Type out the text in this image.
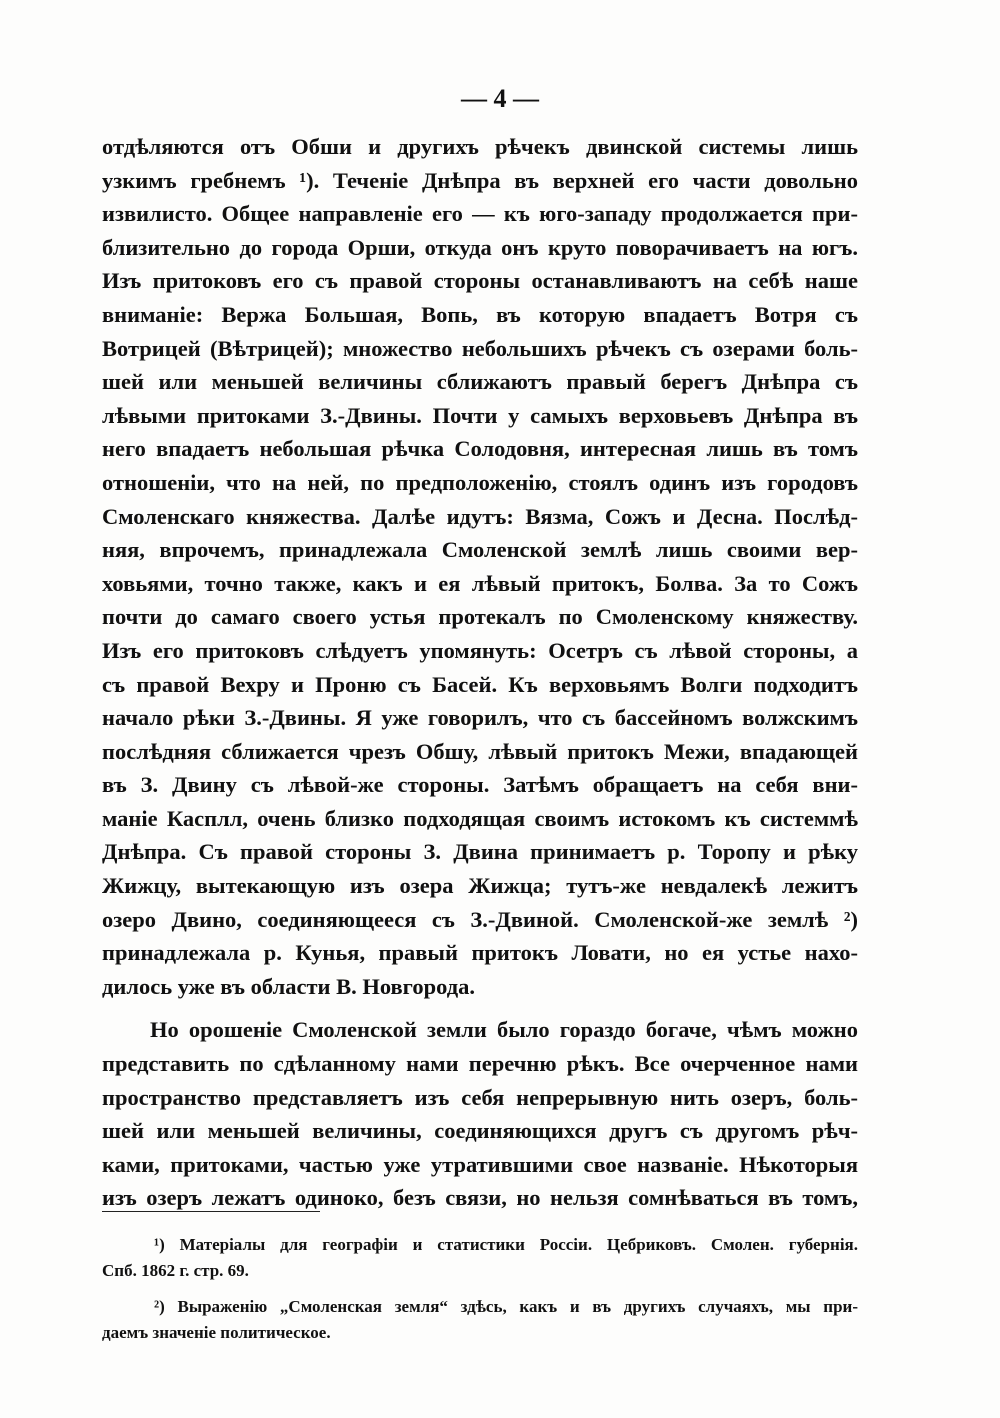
— 4 —
отдѣляются отъ Обши и другихъ рѣчекъ двинской системы лишь
узкимъ гребнемъ ¹). Теченіе Днѣпра въ верхней его части довольно
извилисто. Общее направленіе его — къ юго-западу продолжается при-
близительно до города Орши, откуда онъ круто поворачиваетъ на югъ.
Изъ притоковъ его съ правой стороны останавливаютъ на себѣ наше
вниманіе: Вержа Большая, Вопь, въ которую впадаетъ Вотря съ
Вотрицей (Вѣтрицей); множество небольшихъ рѣчекъ съ озерами боль-
шей или меньшей величины сближаютъ правый берегъ Днѣпра съ
лѣвыми притоками З.-Двины. Почти у самыхъ верховьевъ Днѣпра въ
него впадаетъ небольшая рѣчка Солодовня, интересная лишь въ томъ
отношеніи, что на ней, по предположенію, стоялъ одинъ изъ городовъ
Смоленскаго княжества. Далѣе идутъ: Вязма, Сожъ и Десна. Послѣд-
няя, впрочемъ, принадлежала Смоленской землѣ лишь своими вер-
ховьями, точно также, какъ и ея лѣвый притокъ, Болва. За то Сожъ
почти до самаго своего устья протекалъ по Смоленскому княжеству.
Изъ его притоковъ слѣдуетъ упомянуть: Осетръ съ лѣвой стороны, а
съ правой Вехру и Проню съ Басей. Къ верховьямъ Волги подходитъ
начало рѣки З.-Двины. Я уже говорилъ, что съ бассейномъ волжскимъ
послѣдняя сближается чрезъ Обшу, лѣвый притокъ Межи, впадающей
въ З. Двину съ лѣвой-же стороны. Затѣмъ обращаетъ на себя вни-
маніе Касплл, очень близко подходящая своимъ истокомъ къ системмѣ
Днѣпра. Съ правой стороны З. Двина принимаетъ р. Торопу и рѣку
Жижцу, вытекающую изъ озера Жижца; тутъ-же невдалекѣ лежитъ
озеро Двино, соединяющееся съ З.-Двиной. Смоленской-же землѣ ²)
принадлежала р. Кунья, правый притокъ Ловати, но ея устье нахо-
дилось уже въ области В. Новгорода.
Но орошеніе Смоленской земли было гораздо богаче, чѣмъ можно
представить по сдѣланному нами перечню рѣкъ. Все очерченное нами
пространство представляетъ изъ себя непрерывную нить озеръ, боль-
шей или меньшей величины, соединяющихся другъ съ другомъ рѣч-
ками, притоками, частью уже утратившими свое названіе. Нѣкоторыя
изъ озеръ лежатъ одиноко, безъ связи, но нельзя сомнѣваться въ томъ,
¹) Матеріалы для географіи и статистики Россіи. Цебриковъ. Смолен. губернія.
Спб. 1862 г. стр. 69.
²) Выраженію „Смоленская земля“ здѣсь, какъ и въ другихъ случаяхъ, мы при-
даемъ значеніе политическое.
